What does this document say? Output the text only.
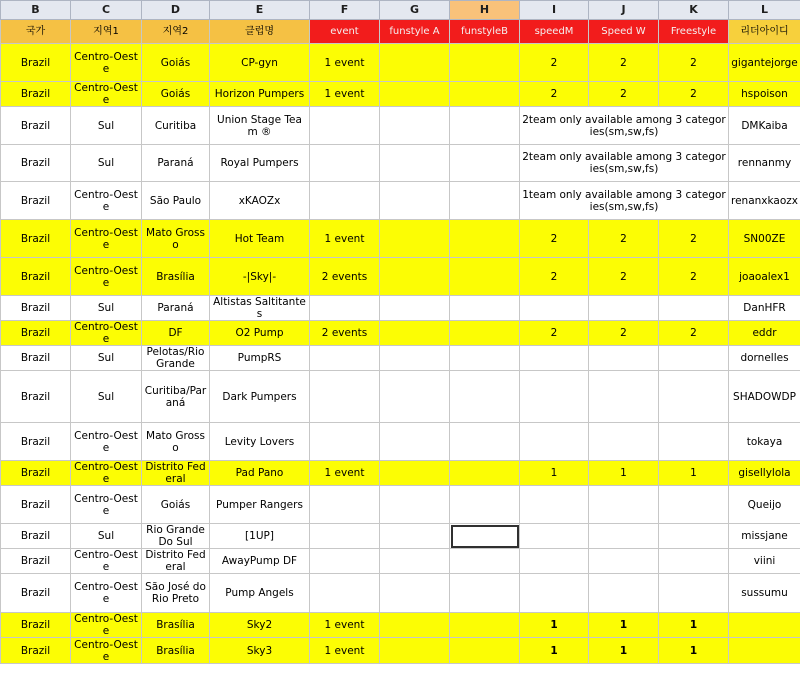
B	C	D	E	F	G	H	I	J	K	L
국가	지역1	지역2	클럽명	event	funstyle A	funstyleB	speedM	Speed W	Freestyle	리더아이디
Brazil	Centro-Oeste	Goiás	CP-gyn	1 event			2	2	2	gigantejorge
Brazil	Centro-Oeste	Goiás	Horizon Pumpers	1 event			2	2	2	hspoison
Brazil	Sul	Curitiba	Union Stage Team ®				2team only available among 3 categories(sm,sw,fs)			DMKaiba
Brazil	Sul	Paraná	Royal Pumpers				2team only available among 3 categories(sm,sw,fs)			rennanmy
Brazil	Centro-Oeste	São Paulo	xKAOZx				1team only available among 3 categories(sm,sw,fs)			renanxkaozx
Brazil	Centro-Oeste	Mato Grosso	Hot Team	1 event			2	2	2	SN00ZE
Brazil	Centro-Oeste	Brasília	-|Sky|-	2 events			2	2	2	joaoalex1
Brazil	Sul	Paraná	Altistas Saltitantes							DanHFR
Brazil	Centro-Oeste	DF	O2 Pump	2 events			2	2	2	eddr
Brazil	Sul	Pelotas/Rio Grande	PumpRS							dornelles
Brazil	Sul	Curitiba/Paraná	Dark Pumpers							SHADOWDP
Brazil	Centro-Oeste	Mato Grosso	Levity Lovers							tokaya
Brazil	Centro-Oeste	Distrito Federal	Pad Pano	1 event			1	1	1	gisellylola
Brazil	Centro-Oeste	Goiás	Pumper Rangers							Queijo
Brazil	Sul	Rio Grande Do Sul	[1UP]							missjane
Brazil	Centro-Oeste	Distrito Federal	AwayPump DF							viini
Brazil	Centro-Oeste	São José do Rio Preto	Pump Angels							sussumu
Brazil	Centro-Oeste	Brasília	Sky2	1 event			1	1	1	
Brazil	Centro-Oeste	Brasília	Sky3	1 event			1	1	1	
